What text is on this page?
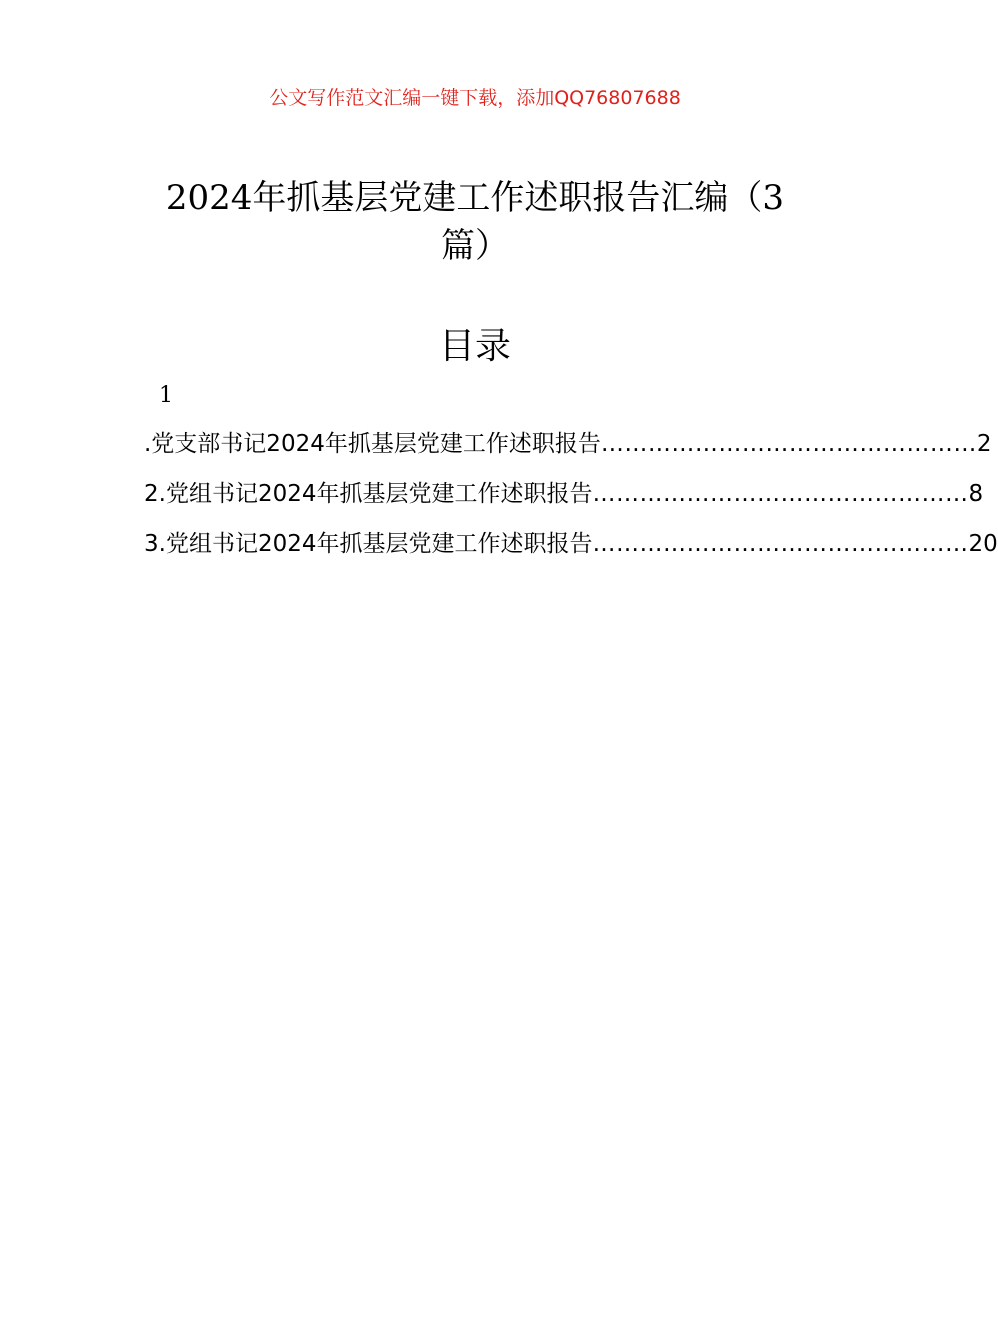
公文写作范文汇编一键下载，添加QQ76807688
2024年抓基层党建工作述职报告汇编（3篇）
目录
1
.党支部书记2024年抓基层党建工作述职报告 ………………………………………… 2
2.党组书记2024年抓基层党建工作述职报告 ………………………………………… 8
3.党组书记2024年抓基层党建工作述职报告 ………………………………………… 20
